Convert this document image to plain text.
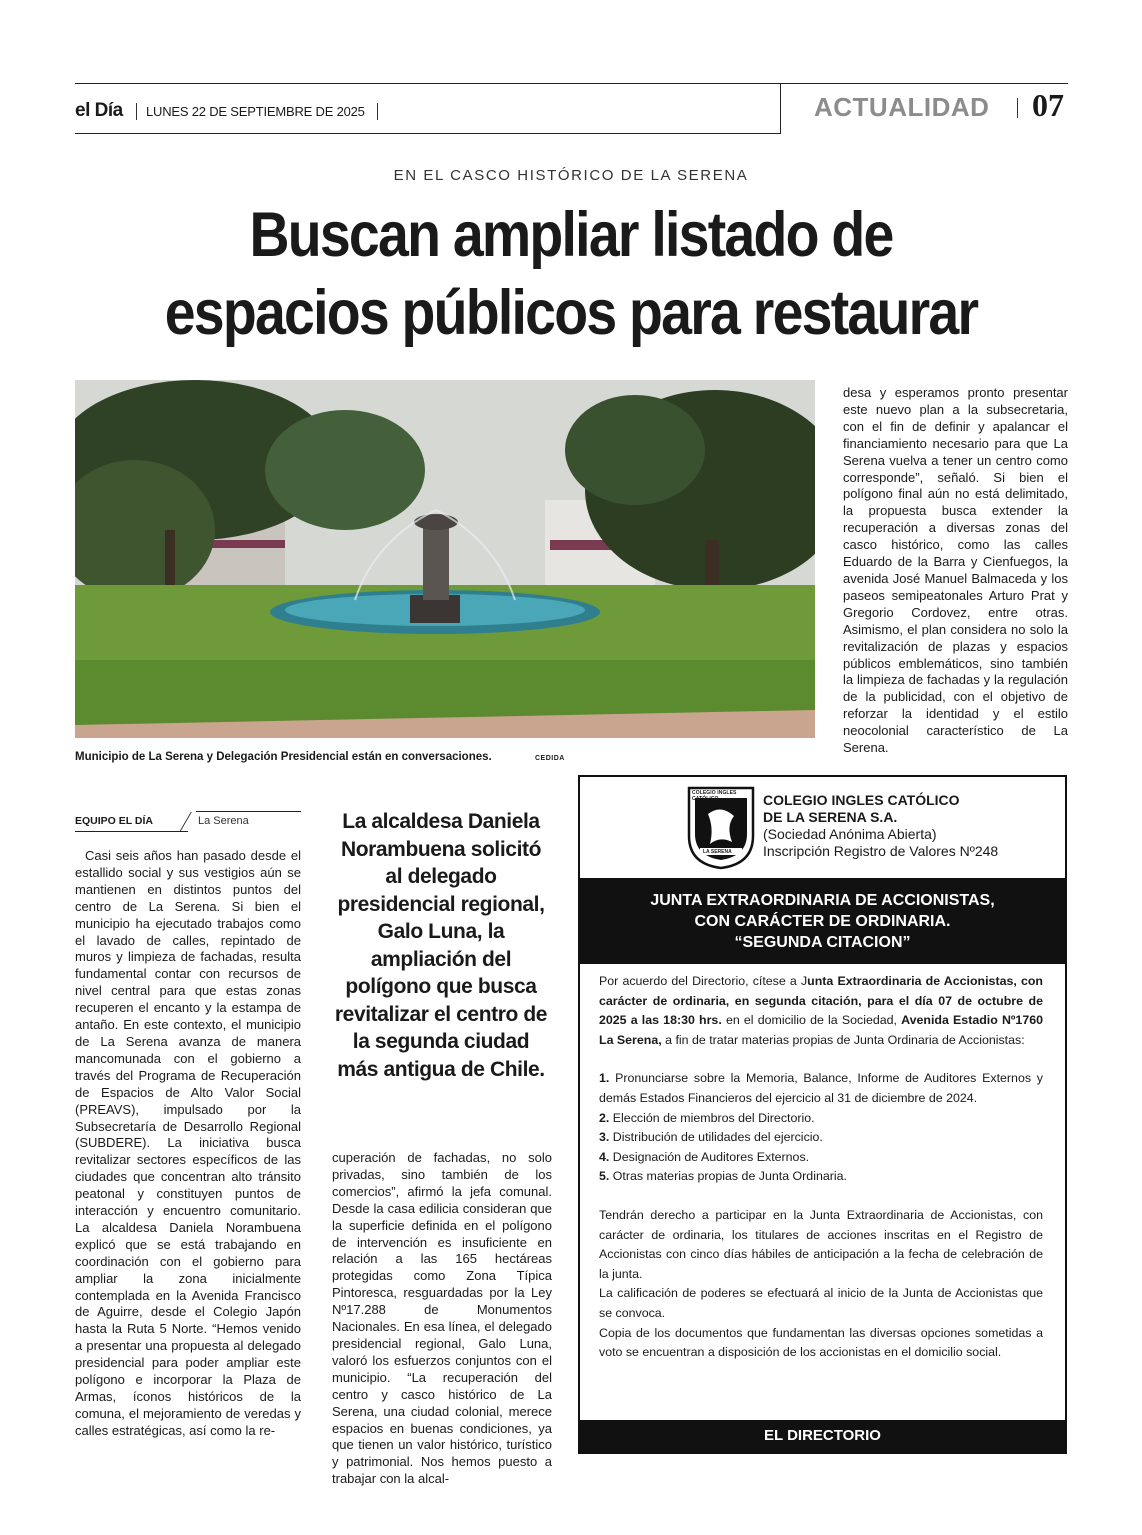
el Día LUNES 22 DE SEPTIEMBRE DE 2025	ACTUALIDAD 07
EN EL CASCO HISTÓRICO DE LA SERENA
Buscan ampliar listado de
espacios públicos para restaurar
Municipio de La Serena y Delegación Presidencial están en conversaciones.	CEDIDA
EQUIPO EL DÍA	La Serena

Casi seis años han pasado desde el estallido social y sus vestigios aún se mantienen en distintos puntos del centro de La Serena. Si bien el municipio ha ejecutado trabajos como el lavado de calles, repintado de muros y limpieza de fachadas, resulta fundamental contar con recursos de nivel central para que estas zonas recuperen el encanto y la estampa de antaño. En este contexto, el municipio de La Serena avanza de manera mancomunada con el gobierno a través del Programa de Recuperación de Espacios de Alto Valor Social (PREAVS), impulsado por la Subsecretaría de Desarrollo Regional (SUBDERE). La iniciativa busca revitalizar sectores específicos de las ciudades que concentran alto tránsito peatonal y constituyen puntos de interacción y encuentro comunitario. La alcaldesa Daniela Norambuena explicó que se está trabajando en coordinación con el gobierno para ampliar la zona inicialmente contemplada en la Avenida Francisco de Aguirre, desde el Colegio Japón hasta la Ruta 5 Norte. “Hemos venido a presentar una propuesta al delegado presidencial para poder ampliar este polígono e incorporar la Plaza de Armas, íconos históricos de la comuna, el mejoramiento de veredas y calles estratégicas, así como la re-

La alcaldesa Daniela Norambuena solicitó al delegado presidencial regional, Galo Luna, la ampliación del polígono que busca revitalizar el centro de la segunda ciudad más antigua de Chile.

cuperación de fachadas, no solo privadas, sino también de los comercios”, afirmó la jefa comunal. Desde la casa edilicia consideran que la superficie definida en el polígono de intervención es insuficiente en relación a las 165 hectáreas protegidas como Zona Típica Pintoresca, resguardadas por la Ley Nº17.288 de Monumentos Nacionales. En esa línea, el delegado presidencial regional, Galo Luna, valoró los esfuerzos conjuntos con el municipio. “La recuperación del centro y casco histórico de La Serena, una ciudad colonial, merece espacios en buenas condiciones, ya que tienen un valor histórico, turístico y patrimonial. Nos hemos puesto a trabajar con la alcal-

desa y esperamos pronto presentar este nuevo plan a la subsecretaria, con el fin de definir y apalancar el financiamiento necesario para que La Serena vuelva a tener un centro como corresponde”, señaló. Si bien el polígono final aún no está delimitado, la propuesta busca extender la recuperación a diversas zonas del casco histórico, como las calles Eduardo de la Barra y Cienfuegos, la avenida José Manuel Balmaceda y los paseos semipeatonales Arturo Prat y Gregorio Cordovez, entre otras. Asimismo, el plan considera no solo la revitalización de plazas y espacios públicos emblemáticos, sino también la limpieza de fachadas y la regulación de la publicidad, con el objetivo de reforzar la identidad y el estilo neocolonial característico de La Serena.

COLEGIO INGLES CATÓLICO
LA SERENA
COLEGIO INGLES CATÓLICO
DE LA SERENA S.A.
(Sociedad Anónima Abierta)
Inscripción Registro de Valores Nº248
JUNTA EXTRAORDINARIA DE ACCIONISTAS,
CON CARÁCTER DE ORDINARIA.
“SEGUNDA CITACION”

Por acuerdo del Directorio, cítese a Junta Extraordinaria de Accionistas, con carácter de ordinaria, en segunda citación, para el día 07 de octubre de 2025 a las 18:30 hrs. en el domicilio de la Sociedad, Avenida Estadio Nº1760 La Serena, a fin de tratar materias propias de Junta Ordinaria de Accionistas:

1. Pronunciarse sobre la Memoria, Balance, Informe de Auditores Externos y demás Estados Financieros del ejercicio al 31 de diciembre de 2024.

2. Elección de miembros del Directorio.

3. Distribución de utilidades del ejercicio.

4. Designación de Auditores Externos.

5. Otras materias propias de Junta Ordinaria.

Tendrán derecho a participar en la Junta Extraordinaria de Accionistas, con carácter de ordinaria, los titulares de acciones inscritas en el Registro de Accionistas con cinco días hábiles de anticipación a la fecha de celebración de la junta.

La calificación de poderes se efectuará al inicio de la Junta de Accionistas que se convoca.

Copia de los documentos que fundamentan las diversas opciones sometidas a voto se encuentran a disposición de los accionistas en el domicilio social.

EL DIRECTORIO
